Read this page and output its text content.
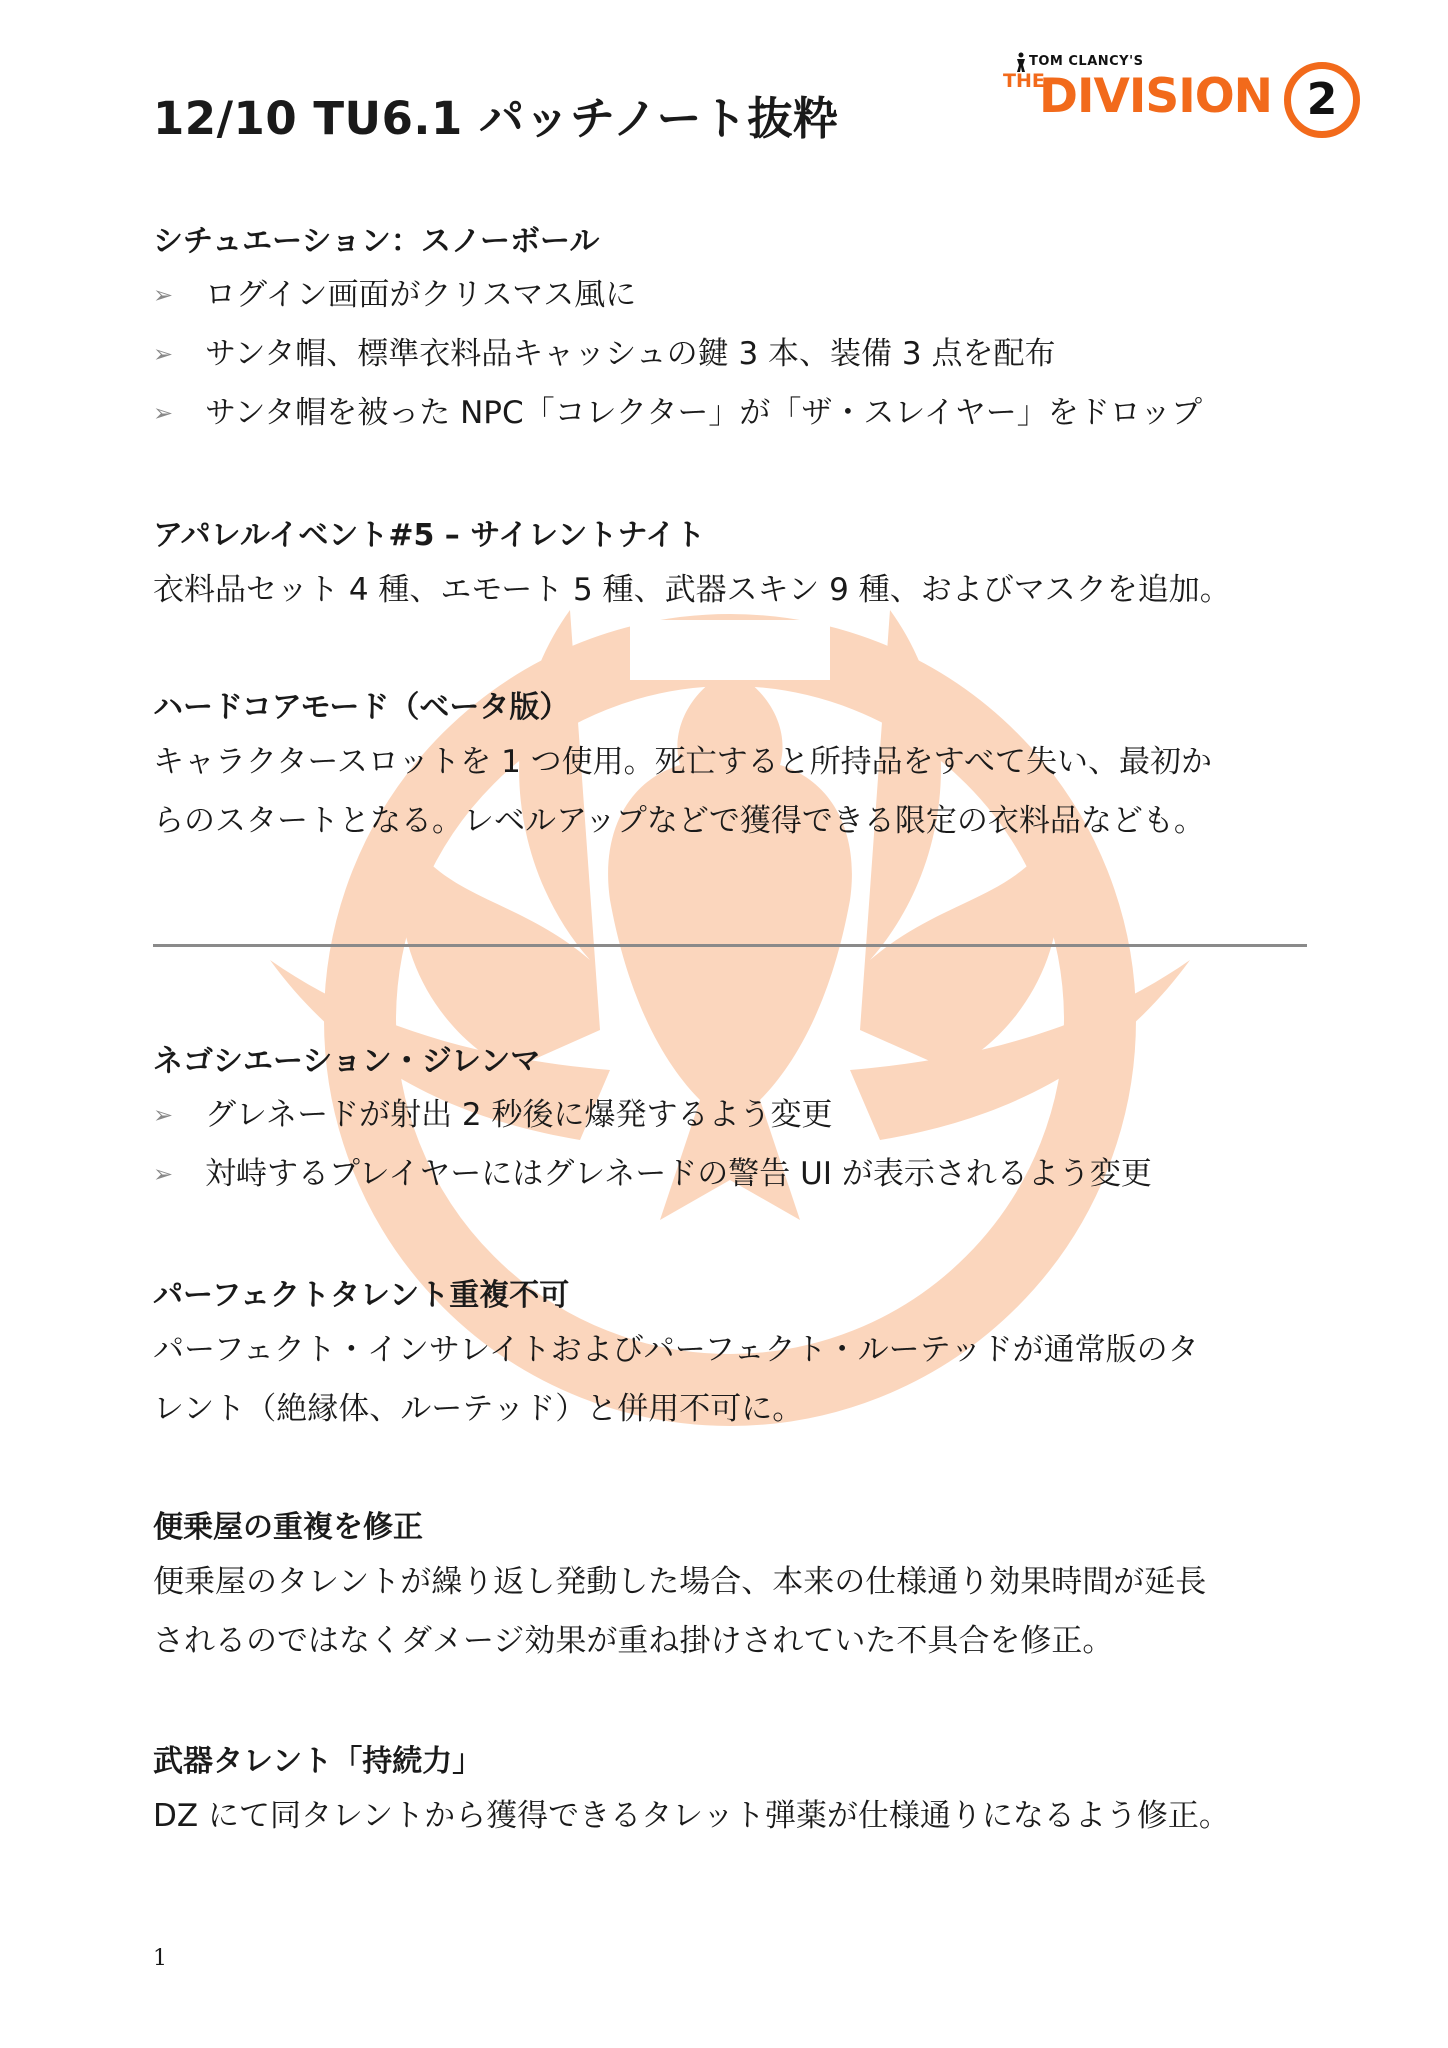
12/10 TU6.1 パッチノート抜粋
TOM CLANCY'S
THE
DIVISION 2
シチュエーション：スノーボール
➢ ログイン画面がクリスマス風に
➢ サンタ帽、標準衣料品キャッシュの鍵 3 本、装備 3 点を配布
➢ サンタ帽を被った NPC「コレクター」が「ザ・スレイヤー」をドロップ
アパレルイベント#5 – サイレントナイト

衣料品セット 4 種、エモート 5 種、武器スキン 9 種、およびマスクを追加。

ハードコアモード（ベータ版）

キャラクタースロットを 1 つ使用。死亡すると所持品をすべて失い、最初か

らのスタートとなる。レベルアップなどで獲得できる限定の衣料品なども。

ネゴシエーション・ジレンマ
➢ グレネードが射出 2 秒後に爆発するよう変更
➢ 対峙するプレイヤーにはグレネードの警告 UI が表示されるよう変更
パーフェクトタレント重複不可

パーフェクト・インサレイトおよびパーフェクト・ルーテッドが通常版のタ

レント（絶縁体、ルーテッド）と併用不可に。

便乗屋の重複を修正

便乗屋のタレントが繰り返し発動した場合、本来の仕様通り効果時間が延長

されるのではなくダメージ効果が重ね掛けされていた不具合を修正。

武器タレント「持続力」

DZ にて同タレントから獲得できるタレット弾薬が仕様通りになるよう修正。

1
